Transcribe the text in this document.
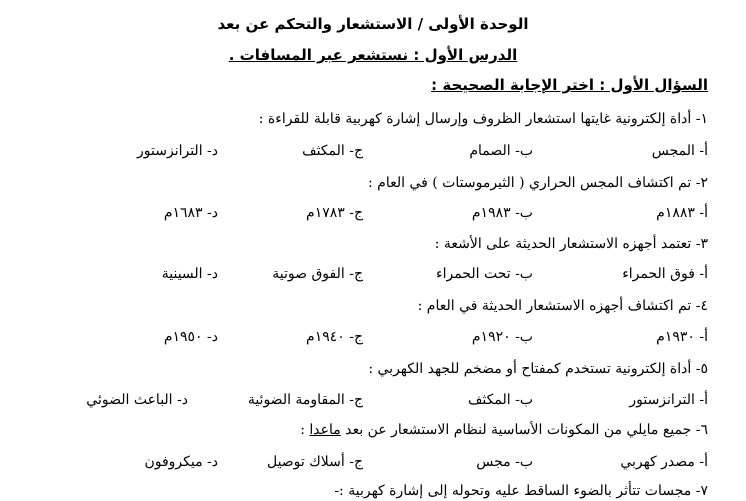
الوحدة الأولى / الاستشعار والتحكم عن بعد
الدرس الأول : نستشعر عبر المسافات .
السؤال الأول : اختر الإجابة الصحيحة :
١- أداة إلكترونية غايتها استشعار الظروف وإرسال إشارة كهربية قابلة للقراءة :
أ- المجس
ب- الصمام
ج- المكثف
د- الترانزستور
٢- تم اكتشاف المجس الحراري ( الثيرموستات ) في العام :
أ- ١٨٨٣م
ب- ١٩٨٣م
ج- ١٧٨٣م
د- ١٦٨٣م
٣- تعتمد أجهزه الاستشعار الحديثة على الأشعة :
أ- فوق الحمراء
ب- تحت الحمراء
ج- الفوق صوتية
د- السينية
٤- تم اكتشاف أجهزه الاستشعار الحديثة في العام :
أ- ١٩٣٠م
ب- ١٩٢٠م
ج- ١٩٤٠م
د- ١٩٥٠م
٥- أداة إلكترونية تستخدم كمفتاح أو مضخم للجهد الكهربي :
أ- الترانزستور
ب- المكثف
ج- المقاومة الضوئية
د- الباعث الضوئي
٦- جميع مايلي من المكونات الأساسية لنظام الاستشعار عن بعد ماعدا :
أ- مصدر كهربي
ب- مجس
ج- أسلاك توصيل
د- ميكروفون
٧- مجسات تتأثر بالضوء الساقط عليه وتحوله إلى إشارة كهربية :-
